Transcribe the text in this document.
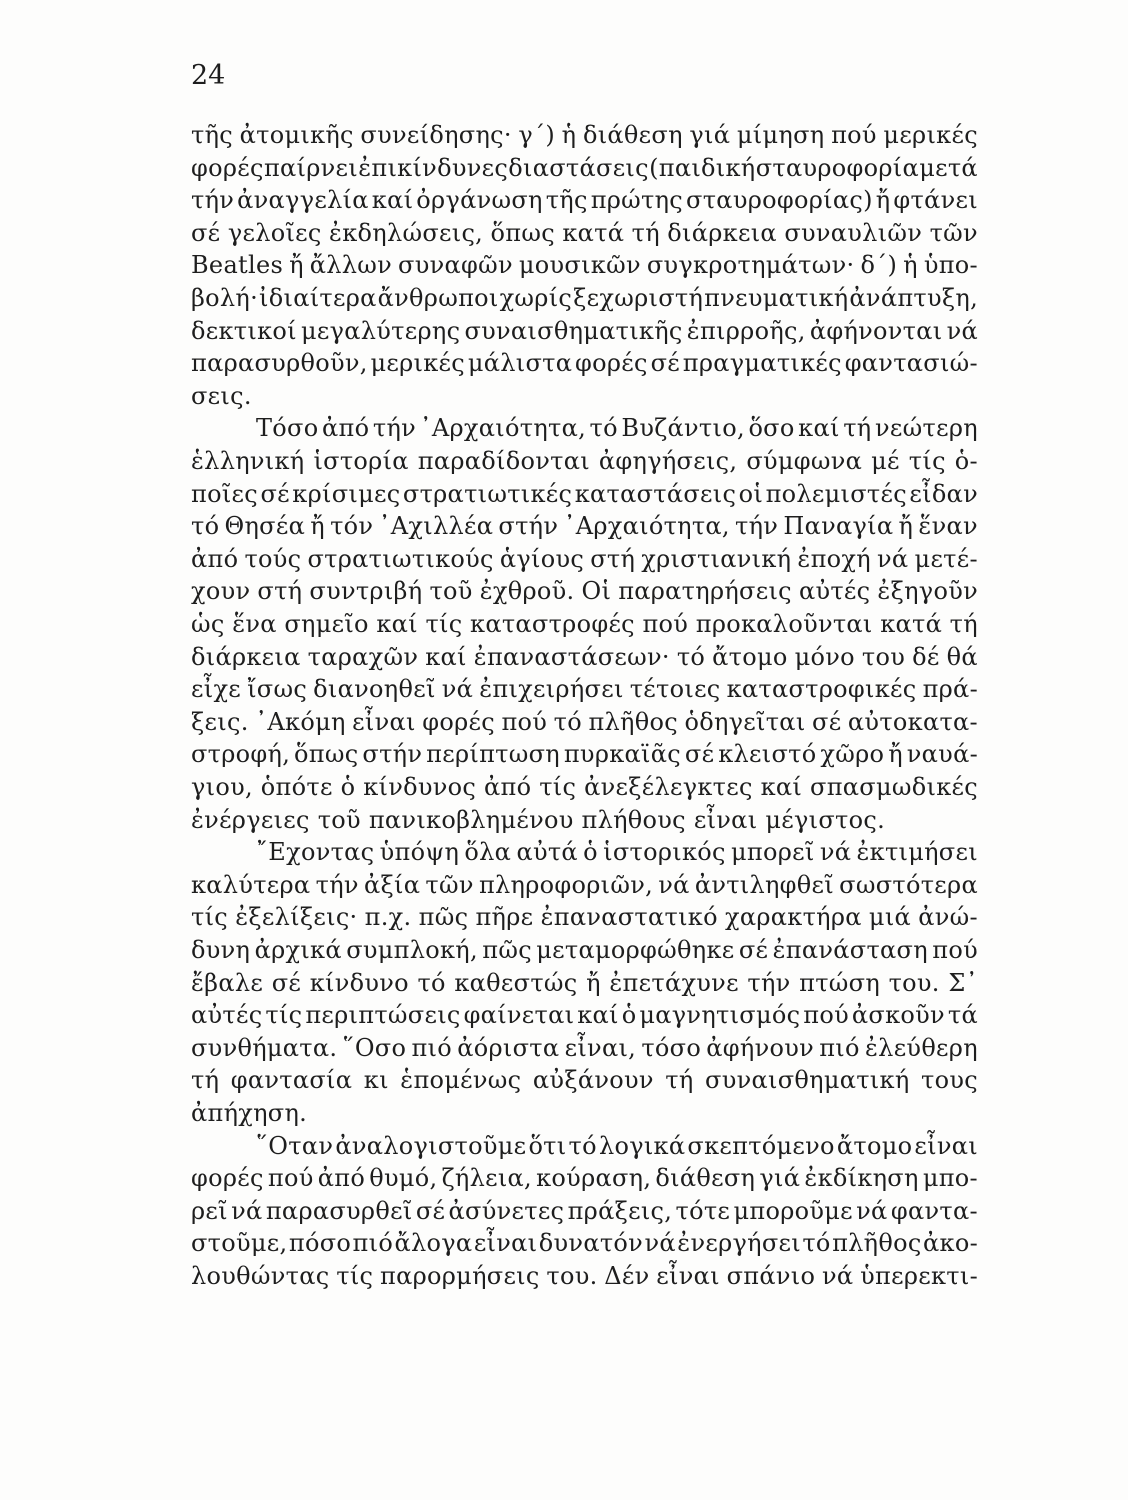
24
τῆς ἀτομικῆς συνείδησης· γ΄) ἡ διάθεση γιά μίμηση πού μερικές
φορές παίρνει ἐπικίνδυνες διαστάσεις (παιδική σταυροφορία μετά
τήν ἀναγγελία καί ὀργάνωση τῆς πρώτης σταυροφορίας) ἤ φτάνει
σέ γελοῖες ἐκδηλώσεις, ὅπως κατά τή διάρκεια συναυλιῶν τῶν
Beatles ἤ ἄλλων συναφῶν μουσικῶν συγκροτημάτων· δ΄) ἡ ὑπο-
βολή· ἰδιαίτερα ἄνθρωποι χωρίς ξεχωριστή πνευματική ἀνάπτυξη,
δεκτικοί μεγαλύτερης συναισθηματικῆς ἐπιρροῆς, ἀφήνονται νά
παρασυρθοῦν, μερικές μάλιστα φορές σέ πραγματικές φαντασιώ-
σεις.
Τόσο ἀπό τήν ᾿Αρχαιότητα, τό Βυζάντιο, ὅσο καί τή νεώτερη
ἑλληνική ἱστορία παραδίδονται ἀφηγήσεις, σύμφωνα μέ τίς ὁ-
ποῖες σέ κρίσιμες στρατιωτικές καταστάσεις οἱ πολεμιστές εἶδαν
τό Θησέα ἤ τόν ᾿Αχιλλέα στήν ᾿Αρχαιότητα, τήν Παναγία ἤ ἕναν
ἀπό τούς στρατιωτικούς ἁγίους στή χριστιανική ἐποχή νά μετέ-
χουν στή συντριβή τοῦ ἐχθροῦ. Οἱ παρατηρήσεις αὐτές ἐξηγοῦν
ὡς ἕνα σημεῖο καί τίς καταστροφές πού προκαλοῦνται κατά τή
διάρκεια ταραχῶν καί ἐπαναστάσεων· τό ἄτομο μόνο του δέ θά
εἶχε ἴσως διανοηθεῖ νά ἐπιχειρήσει τέτοιες καταστροφικές πρά-
ξεις. ᾿Ακόμη εἶναι φορές πού τό πλῆθος ὁδηγεῖται σέ αὐτοκατα-
στροφή, ὅπως στήν περίπτωση πυρκαϊᾶς σέ κλειστό χῶρο ἤ ναυά-
γιου, ὁπότε ὁ κίνδυνος ἀπό τίς ἀνεξέλεγκτες καί σπασμωδικές
ἐνέργειες τοῦ πανικοβλημένου πλήθους εἶναι μέγιστος.
῎Εχοντας ὑπόψη ὅλα αὐτά ὁ ἱστορικός μπορεῖ νά ἐκτιμήσει
καλύτερα τήν ἀξία τῶν πληροφοριῶν, νά ἀντιληφθεῖ σωστότερα
τίς ἐξελίξεις· π.χ. πῶς πῆρε ἐπαναστατικό χαρακτήρα μιά ἀνώ-
δυνη ἀρχικά συμπλοκή, πῶς μεταμορφώθηκε σέ ἐπανάσταση πού
ἔβαλε σέ κίνδυνο τό καθεστώς ἤ ἐπετάχυνε τήν πτώση του. Σ᾿
αὐτές τίς περιπτώσεις φαίνεται καί ὁ μαγνητισμός πού ἀσκοῦν τά
συνθήματα. ῞Οσο πιό ἀόριστα εἶναι, τόσο ἀφήνουν πιό ἐλεύθερη
τή φαντασία κι ἑπομένως αὐξάνουν τή συναισθηματική τους
ἀπήχηση.
῞Οταν ἀναλογιστοῦμε ὅτι τό λογικά σκεπτόμενο ἄτομο εἶναι
φορές πού ἀπό θυμό, ζήλεια, κούραση, διάθεση γιά ἐκδίκηση μπο-
ρεῖ νά παρασυρθεῖ σέ ἀσύνετες πράξεις, τότε μποροῦμε νά φαντα-
στοῦμε, πόσο πιό ἄλογα εἶναι δυνατόν νά ἐνεργήσει τό πλῆθος ἀκο-
λουθώντας τίς παρορμήσεις του. Δέν εἶναι σπάνιο νά ὑπερεκτι-
